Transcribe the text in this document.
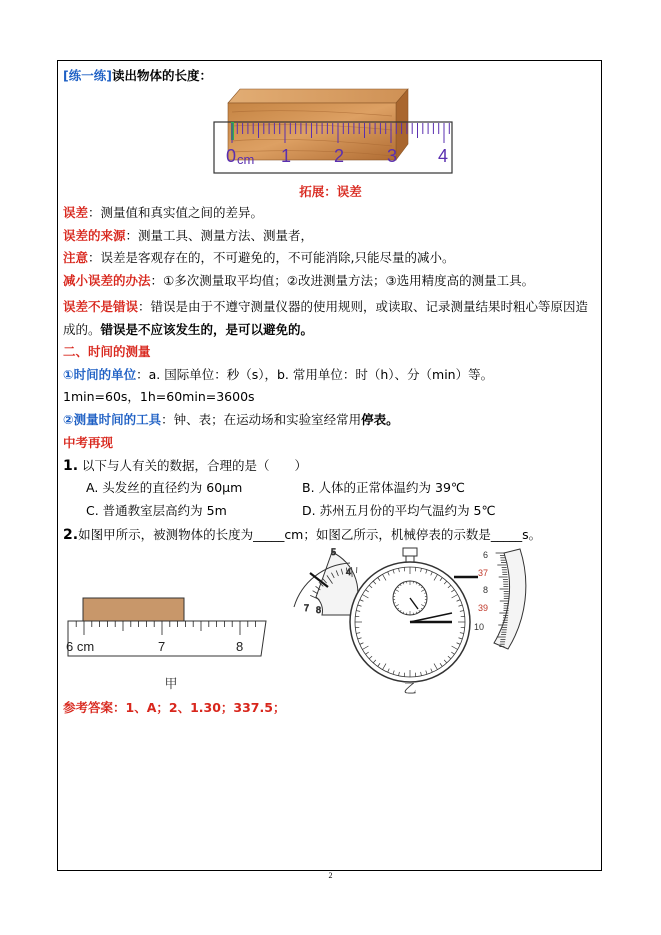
[练一练]读出物体的长度：
0 cm 1 2 3 4
拓展：误差
误差：测量值和真实值之间的差异。
误差的来源：测量工具、测量方法、测量者，
注意：误差是客观存在的，不可避免的，不可能消除,只能尽量的减小。
减小误差的办法：①多次测量取平均值；②改进测量方法；③选用精度高的测量工具。
误差不是错误：错误是由于不遵守测量仪器的使用规则，或读取、记录测量结果时粗心等原因造成的。错误是不应该发生的，是可以避免的。
二、时间的测量
①时间的单位：a. 国际单位：秒（s），b. 常用单位：时（h）、分（min）等。
1min=60s，1h=60min=3600s
②测量时间的工具：钟、表；在运动场和实验室经常用停表。
中考再现
1. 以下与人有关的数据，合理的是（　　）
A. 头发丝的直径约为 60μm	B. 人体的正常体温约为 39℃
C. 普通教室层高约为 5m	D. 苏州五月份的平均气温约为 5℃
2.如图甲所示，被测物体的长度为_____cm；如图乙所示，机械停表的示数是_____s。
6 cm	7	8
甲
4
5
7 8
6
37
8
39
10
乙
参考答案：1、A；2、1.30；337.5；
2
